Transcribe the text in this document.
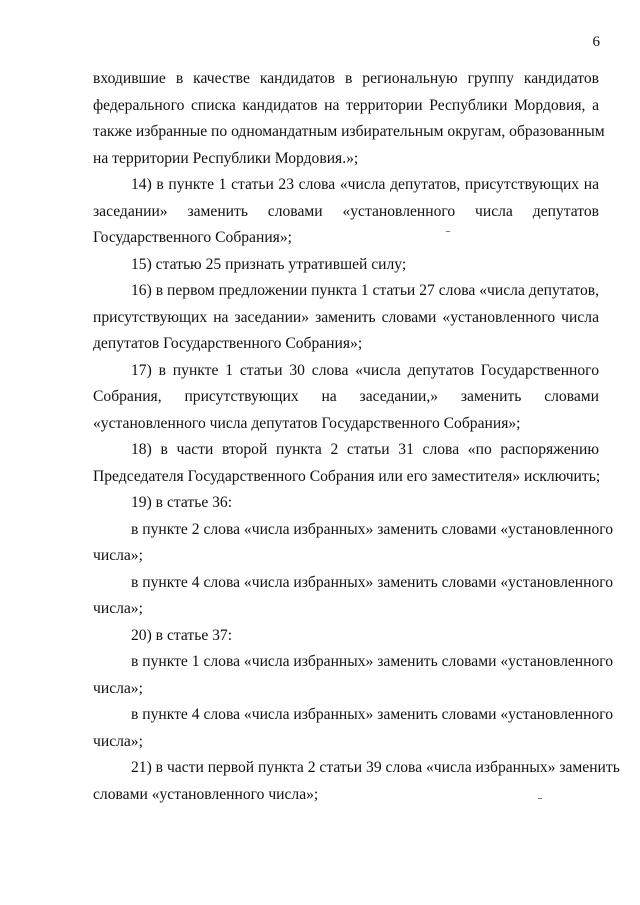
6
входившие в качестве кандидатов в региональную группу кандидатов
федерального списка кандидатов на территории Республики Мордовия, а
также избранные по одномандатным избирательным округам, образованным
на территории Республики Мордовия.»;
14) в пункте 1 статьи 23 слова «числа депутатов, присутствующих на
заседании» заменить словами «установленного числа депутатов
Государственного Собрания»;
15) статью 25 признать утратившей силу;
16) в первом предложении пункта 1 статьи 27 слова «числа депутатов,
присутствующих на заседании» заменить словами «установленного числа
депутатов Государственного Собрания»;
17) в пункте 1 статьи 30 слова «числа депутатов Государственного
Собрания, присутствующих на заседании,» заменить словами
«установленного числа депутатов Государственного Собрания»;
18) в части второй пункта 2 статьи 31 слова «по распоряжению
Председателя Государственного Собрания или его заместителя» исключить;
19) в статье 36:
в пункте 2 слова «числа избранных» заменить словами «установленного
числа»;
в пункте 4 слова «числа избранных» заменить словами «установленного
числа»;
20) в статье 37:
в пункте 1 слова «числа избранных» заменить словами «установленного
числа»;
в пункте 4 слова «числа избранных» заменить словами «установленного
числа»;
21) в части первой пункта 2 статьи 39 слова «числа избранных» заменить
словами «установленного числа»;
